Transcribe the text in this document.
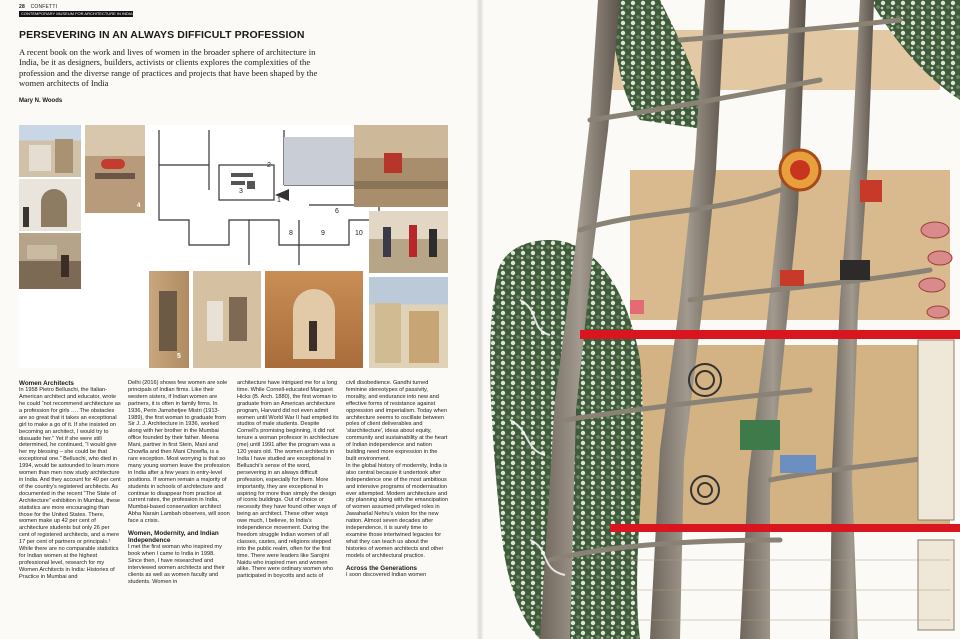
28 CONFETTI
CONTEMPORARY MUSEUM FOR ARCHITECTURE IN INDIA
PERSEVERING IN AN ALWAYS DIFFICULT PROFESSION
A recent book on the work and lives of women in the broader sphere of architecture in India, be it as designers, builders, activists or clients explores the complexities of the profession and the diverse range of practices and projects that have been shaped by the women architects of India
Mary N. Woods
4
1
2
3
6
8	9	10
5

Women Architects

In 1958 Pietro Belluschi, the Italian-American architect and educator, wrote he could “not recommend architecture as a profession for girls …. The obstacles are so great that it takes an exceptional girl to make a go of it. If she insisted on becoming an architect, I would try to dissuade her.” Yet if she were still determined, he continued, “I would give her my blessing – she could be that exceptional one.” Belluschi, who died in 1994, would be astounded to learn more women than men now study architecture in India. And they account for 40 per cent of the country’s registered architects. As documented in the recent “The State of Architecture” exhibition in Mumbai, these statistics are more encouraging than those for the United States. There, women make up 42 per cent of architecture students but only 26 per cent of registered architects, and a mere 17 per cent of partners or principals.¹ While there are no comparable statistics for Indian women at the highest professional level, research for my Women Architects in India: Histories of Practice in Mumbai and

Delhi (2016) shows few women are sole principals of Indian firms. Like their western sisters, if Indian women are partners, it is often in family firms. In 1936, Perin Jamshetjee Mistri (1913-1989), the first woman to graduate from Sir J. J. Architecture in 1936, worked along with her brother in the Mumbai office founded by their father. Meena Mani, partner in first Stein, Mani and Chowfla and then Mani Chowfla, is a rare exception. Most worrying is that so many young women leave the profession in India after a few years in entry-level positions. If women remain a majority of students in schools of architecture and continue to disappear from practice at current rates, the profession in India, Mumbai-based conservation architect Abha Narain Lambah observes, will soon face a crisis.

Women, Modernity, and Indian Independence

I met the first woman who inspired my book when I came to India in 1998. Since then, I have researched and interviewed women architects and their clients as well as women faculty and students. Women in

architecture have intrigued me for a long time. While Cornell-educated Margaret Hicks (B. Arch. 1880), the first woman to graduate from an American architecture program, Harvard did not even admit women until World War II had emptied its studios of male students. Despite Cornell’s promising beginning, it did not tenure a woman professor in architecture (me) until 1991 after the program was a 120 years old. The women architects in India I have studied are exceptional in Belluschi’s sense of the word, persevering in an always difficult profession, especially for them. More importantly, they are exceptional in aspiring for more than simply the design of iconic buildings. Out of choice or necessity they have found other ways of being an architect. These other ways owe much, I believe, to India’s independence movement. During the freedom struggle Indian women of all classes, castes, and religions stepped into the public realm, often for the first time. There were leaders like Sarojini Naidu who inspired men and women alike. There were ordinary women who participated in boycotts and acts of

civil disobedience. Gandhi turned feminine stereotypes of passivity, morality, and endurance into new and effective forms of resistance against oppression and imperialism. Today when architecture seems to oscillate between poles of client deliverables and ‘starchitecture’, ideas about equity, community and sustainability at the heart of Indian independence and nation building need more expression in the built environment.

In the global history of modernity, India is also central because it undertook after independence one of the most ambitious and intensive programs of modernisation ever attempted. Modern architecture and city planning along with the emancipation of women assumed privileged roles in Jawaharlal Nehru’s vision for the new nation. Almost seven decades after independence, it is surely time to examine those intertwined legacies for what they can teach us about the histories of women architects and other models of architectural practice.

Across the Generations

I soon discovered Indian women
